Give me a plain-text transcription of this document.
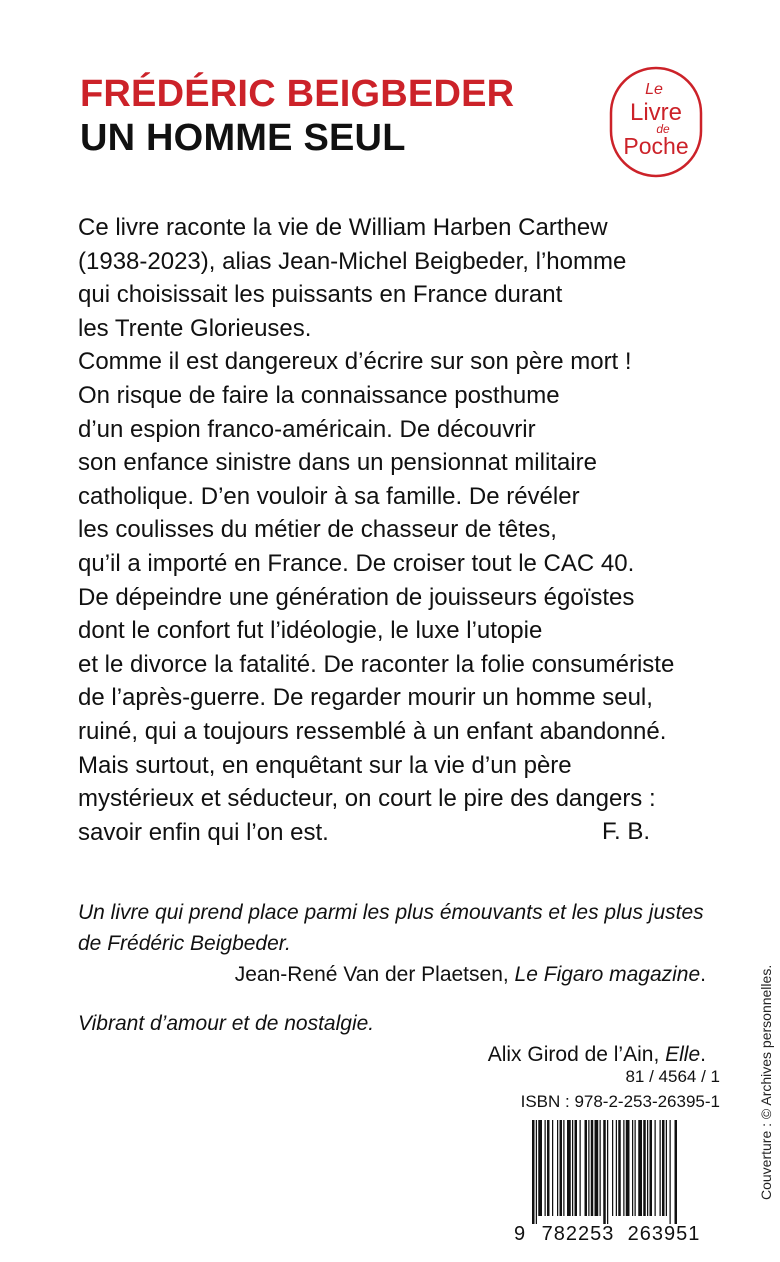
FRÉDÉRIC BEIGBEDER
UN HOMME SEUL
Le
Livre
de
Poche
Ce livre raconte la vie de William Harben Carthew
(1938-2023), alias Jean-Michel Beigbeder, l’homme
qui choisissait les puissants en France durant
les Trente Glorieuses.
Comme il est dangereux d’écrire sur son père mort !
On risque de faire la connaissance posthume
d’un espion franco-américain. De découvrir
son enfance sinistre dans un pensionnat militaire
catholique. D’en vouloir à sa famille. De révéler
les coulisses du métier de chasseur de têtes,
qu’il a importé en France. De croiser tout le CAC 40.
De dépeindre une génération de jouisseurs égoïstes
dont le confort fut l’idéologie, le luxe l’utopie
et le divorce la fatalité. De raconter la folie consumériste
de l’après-guerre. De regarder mourir un homme seul,
ruiné, qui a toujours ressemblé à un enfant abandonné.
Mais surtout, en enquêtant sur la vie d’un père
mystérieux et séducteur, on court le pire des dangers :
savoir enfin qui l’on est.	F. B.
Un livre qui prend place parmi les plus émouvants et les plus justes
de Frédéric Beigbeder.
Jean-René Van der Plaetsen, Le Figaro magazine.
Vibrant d’amour et de nostalgie.
Alix Girod de l’Ain, Elle.
81 / 4564 / 1
ISBN : 978-2-253-26395-1
9 782253 263951
Couverture : © Archives personnelles.
